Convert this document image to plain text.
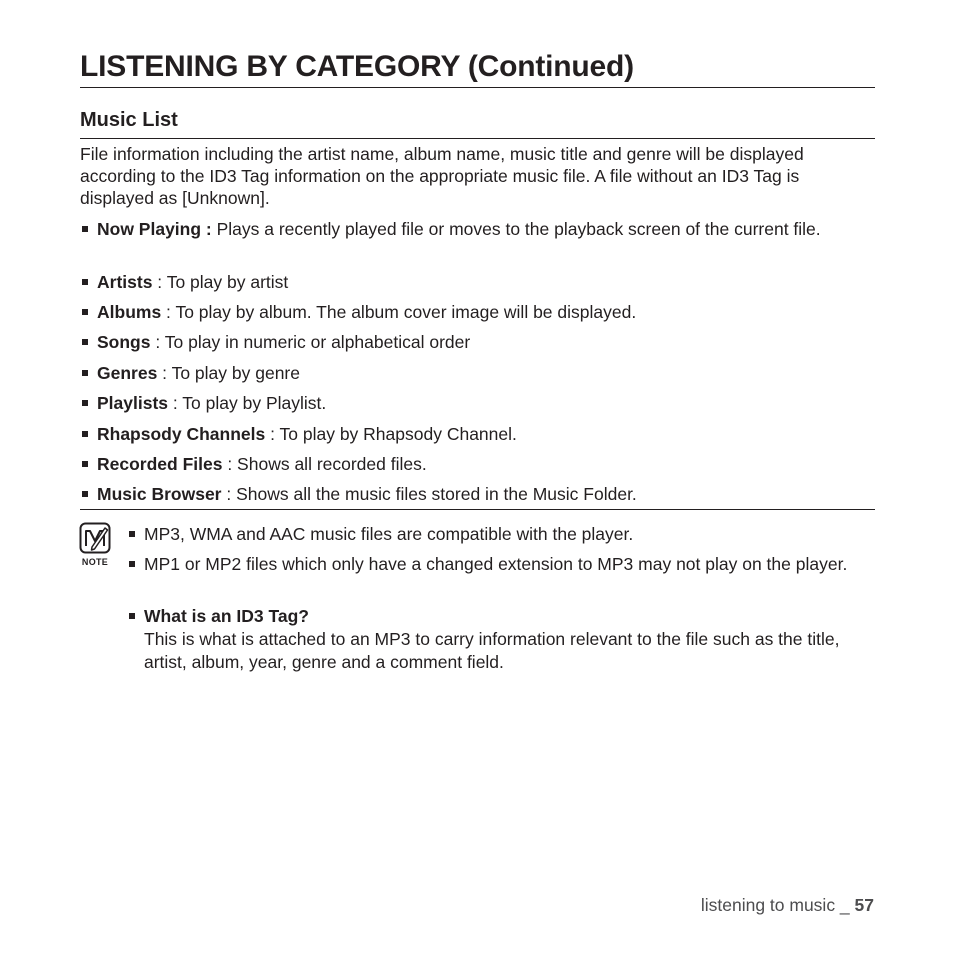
LISTENING BY CATEGORY (Continued)
Music List

File information including the artist name, album name, music title and genre will be displayed according to the ID3 Tag information on the appropriate music file. A file without an ID3 Tag is displayed as [Unknown].

Now Playing : Plays a recently played file or moves to the playback screen of the current file.
Artists : To play by artist
Albums : To play by album. The album cover image will be displayed.
Songs : To play in numeric or alphabetical order
Genres : To play by genre
Playlists : To play by Playlist.
Rhapsody Channels : To play by Rhapsody Channel.
Recorded Files : Shows all recorded files.
Music Browser : Shows all the music files stored in the Music Folder.
NOTE
MP3, WMA and AAC music files are compatible with the player.
MP1 or MP2 files which only have a changed extension to MP3 may not play on the player.
What is an ID3 Tag?
This is what is attached to an MP3 to carry information relevant to the file such as the title, artist, album, year, genre and a comment field.
listening to music _ 57
